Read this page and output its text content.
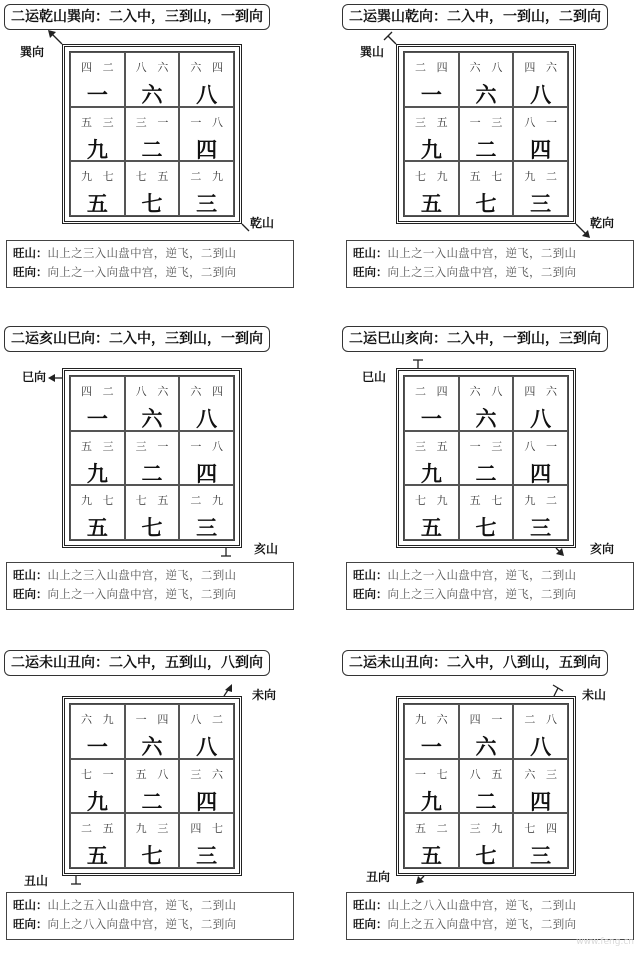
二运乾山巽向：二入中，三到山，一到向
巽向
四 二
一
八 六
六
六 四
八
五 三
九
三 一
二
一 八
四
九 七
五
七 五
七
二 九
三
乾山
旺山：山上之三入山盘中宫，逆飞，二到山
旺向：向上之一入向盘中宫，逆飞，二到向
二运巽山乾向：二入中，一到山，二到向
巽山
二 四
一
六 八
六
四 六
八
三 五
九
一 三
二
八 一
四
七 九
五
五 七
七
九 二
三
乾向
旺山：山上之一入山盘中宫，逆飞，二到山
旺向：向上之三入向盘中宫，逆飞，二到向
二运亥山巳向：二入中，三到山，一到向
巳向
四 二
一
八 六
六
六 四
八
五 三
九
三 一
二
一 八
四
九 七
五
七 五
七
二 九
三
亥山
旺山：山上之三入山盘中宫，逆飞，二到山
旺向：向上之一入向盘中宫，逆飞，二到向
二运巳山亥向：二入中，一到山，三到向
巳山
二 四
一
六 八
六
四 六
八
三 五
九
一 三
二
八 一
四
七 九
五
五 七
七
九 二
三
亥向
旺山：山上之一入山盘中宫，逆飞，二到山
旺向：向上之三入向盘中宫，逆飞，二到向
二运未山丑向：二入中，五到山，八到向
六 九
一
一 四
六
八 二
八
七 一
九
五 八
二
三 六
四
二 五
五
九 三
七
四 七
三
未向
丑山
旺山：山上之五入山盘中宫，逆飞，二到山
旺向：向上之八入向盘中宫，逆飞，二到向
二运未山丑向：二入中，八到山，五到向
九 六
一
四 一
六
二 八
八
一 七
九
八 五
二
六 三
四
五 二
五
三 九
七
七 四
三
未山
丑向
旺山：山上之八入山盘中宫，逆飞，二到山
旺向：向上之五入向盘中宫，逆飞，二到向
www.feng.cn
